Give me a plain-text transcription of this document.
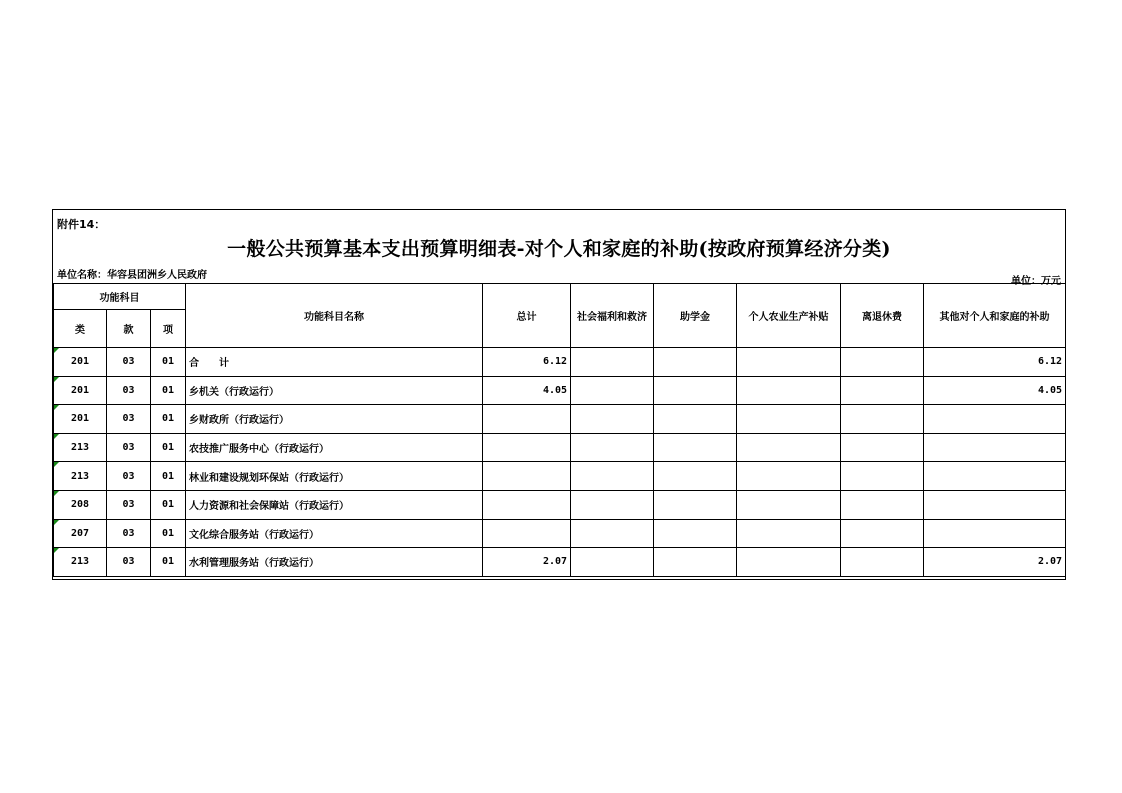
附件14：
一般公共预算基本支出预算明细表-对个人和家庭的补助(按政府预算经济分类)
单位名称：华容县团洲乡人民政府
单位：万元
功能科目			功能科目名称	总计	社会福利和救济	助学金	个人农业生产补贴	离退休费	其他对个人和家庭的补助
类	款	项							
201	03	01	合　　计	6.12					6.12
201	03	01	乡机关（行政运行）	4.05					4.05
201	03	01	乡财政所（行政运行）						
213	03	01	农技推广服务中心（行政运行）						
213	03	01	林业和建设规划环保站（行政运行）						
208	03	01	人力资源和社会保障站（行政运行）						
207	03	01	文化综合服务站（行政运行）						
213	03	01	水利管理服务站（行政运行）	2.07					2.07
